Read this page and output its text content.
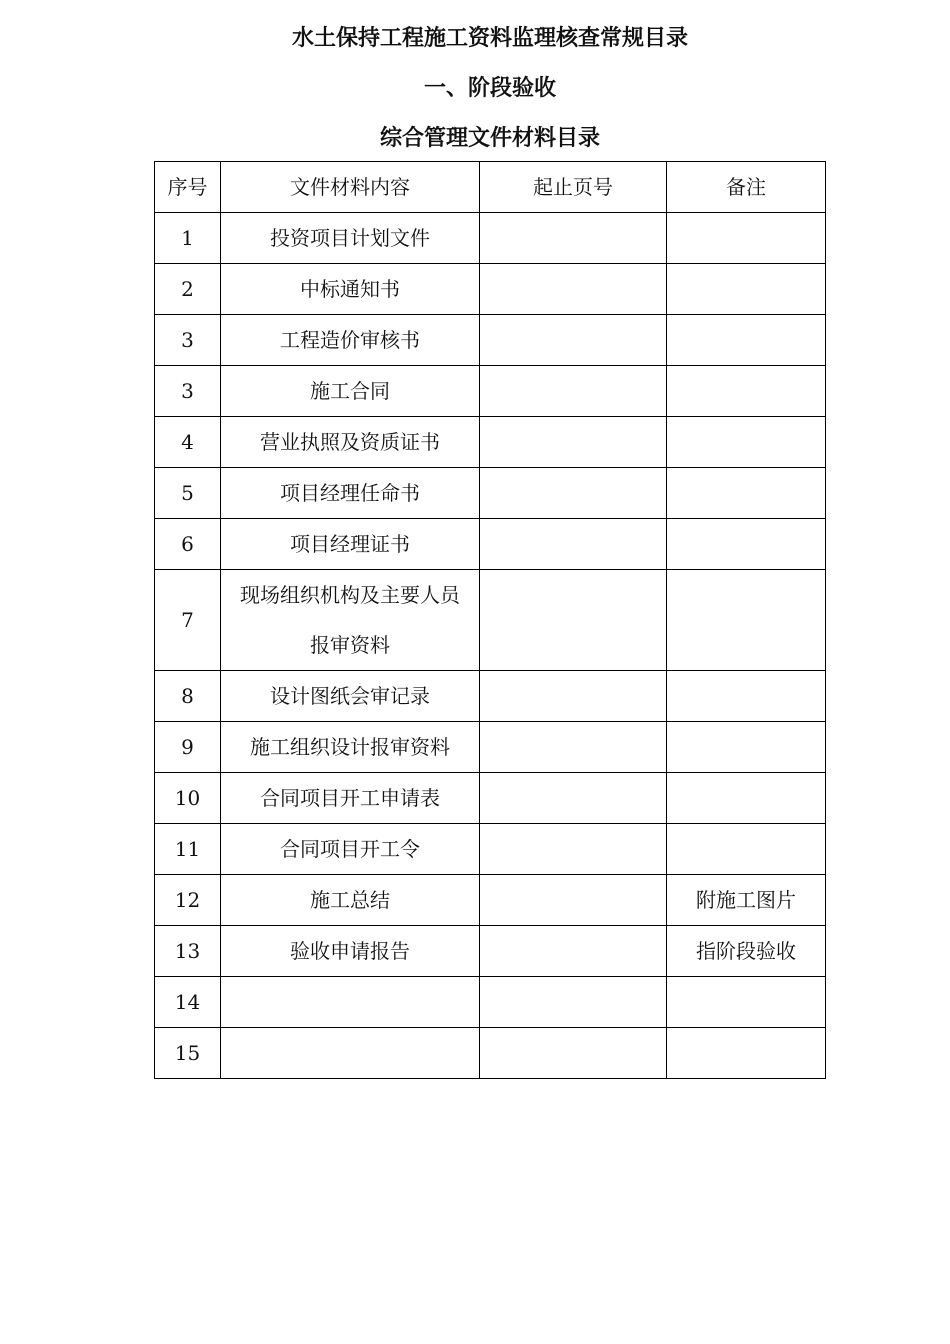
水土保持工程施工资料监理核查常规目录
一、阶段验收
综合管理文件材料目录
序号	文件材料内容	起止页号	备注
1	投资项目计划文件		
2	中标通知书		
3	工程造价审核书		
3	施工合同		
4	营业执照及资质证书		
5	项目经理任命书		
6	项目经理证书		
7	现场组织机构及主要人员报审资料		
8	设计图纸会审记录		
9	施工组织设计报审资料		
10	合同项目开工申请表		
11	合同项目开工令		
12	施工总结		附施工图片
13	验收申请报告		指阶段验收
14			
15			
